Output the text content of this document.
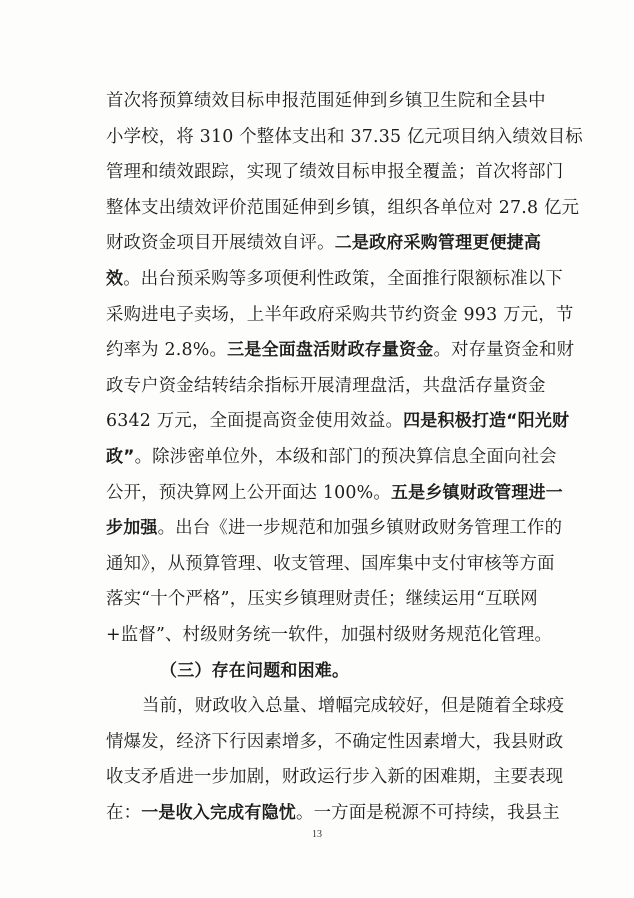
首次将预算绩效目标申报范围延伸到乡镇卫生院和全县中
小学校，将 310 个整体支出和 37.35 亿元项目纳入绩效目标
管理和绩效跟踪，实现了绩效目标申报全覆盖；首次将部门
整体支出绩效评价范围延伸到乡镇，组织各单位对 27.8 亿元
财政资金项目开展绩效自评。二是政府采购管理更便捷高
效。出台预采购等多项便利性政策，全面推行限额标准以下
采购进电子卖场，上半年政府采购共节约资金 993 万元，节
约率为 2.8%。三是全面盘活财政存量资金。对存量资金和财
政专户资金结转结余指标开展清理盘活，共盘活存量资金
6342 万元，全面提高资金使用效益。四是积极打造“阳光财
政”。除涉密单位外，本级和部门的预决算信息全面向社会
公开，预决算网上公开面达 100%。五是乡镇财政管理进一
步加强。出台《进一步规范和加强乡镇财政财务管理工作的
通知》，从预算管理、收支管理、国库集中支付审核等方面
落实“十个严格”，压实乡镇理财责任；继续运用“互联网
+监督”、村级财务统一软件，加强村级财务规范化管理。
（三）存在问题和困难。
当前，财政收入总量、增幅完成较好，但是随着全球疫
情爆发，经济下行因素增多，不确定性因素增大，我县财政
收支矛盾进一步加剧，财政运行步入新的困难期，主要表现
在：一是收入完成有隐忧。一方面是税源不可持续，我县主
13
